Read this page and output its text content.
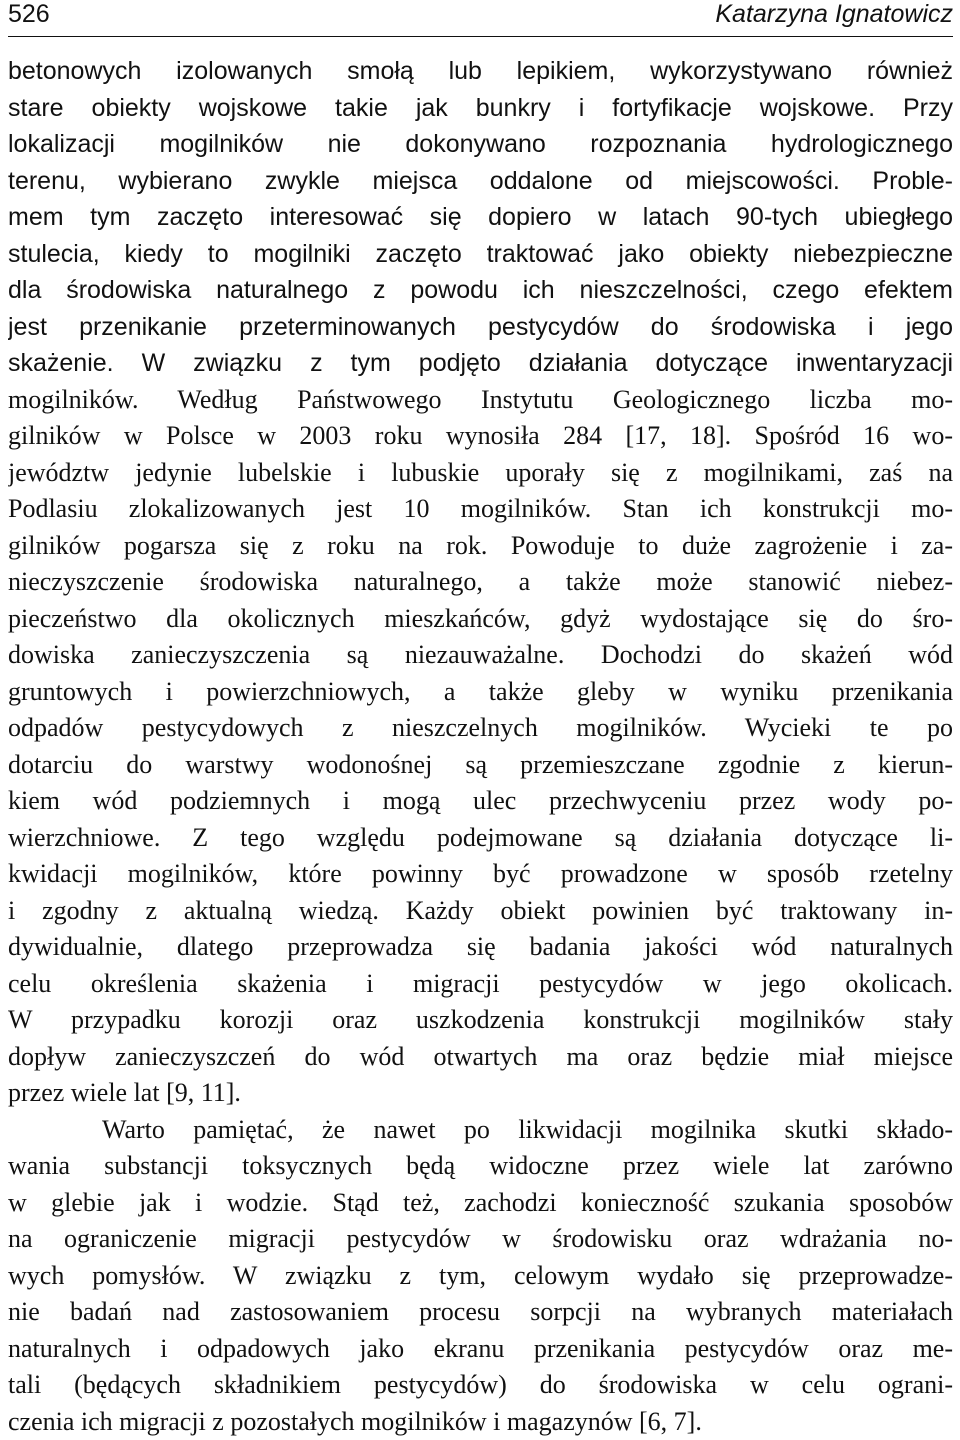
526	Katarzyna Ignatowicz
betonowych izolowanych smołą lub lepikiem, wykorzystywano również
stare obiekty wojskowe takie jak bunkry i fortyfikacje wojskowe. Przy
lokalizacji mogilników nie dokonywano rozpoznania hydrologicznego
terenu, wybierano zwykle miejsca oddalone od miejscowości. Proble-
mem tym zaczęto interesować się dopiero w latach 90-tych ubiegłego
stulecia, kiedy to mogilniki zaczęto traktować jako obiekty niebezpieczne
dla środowiska naturalnego z powodu ich nieszczelności, czego efektem
jest przenikanie przeterminowanych pestycydów do środowiska i jego
skażenie. W związku z tym podjęto działania dotyczące inwentaryzacji
mogilników. Według Państwowego Instytutu Geologicznego liczba mo-
gilników w Polsce w 2003 roku wynosiła 284 [17, 18]. Spośród 16 wo-
jewództw jedynie lubelskie i lubuskie uporały się z mogilnikami, zaś na
Podlasiu zlokalizowanych jest 10 mogilników. Stan ich konstrukcji mo-
gilników pogarsza się z roku na rok. Powoduje to duże zagrożenie i za-
nieczyszczenie środowiska naturalnego, a także może stanowić niebez-
pieczeństwo dla okolicznych mieszkańców, gdyż wydostające się do śro-
dowiska zanieczyszczenia są niezauważalne. Dochodzi do skażeń wód
gruntowych i powierzchniowych, a także gleby w wyniku przenikania
odpadów pestycydowych z nieszczelnych mogilników. Wycieki te po
dotarciu do warstwy wodonośnej są przemieszczane zgodnie z kierun-
kiem wód podziemnych i mogą ulec przechwyceniu przez wody po-
wierzchniowe. Z tego względu podejmowane są działania dotyczące li-
kwidacji mogilników, które powinny być prowadzone w sposób rzetelny
i zgodny z aktualną wiedzą. Każdy obiekt powinien być traktowany in-
dywidualnie, dlatego przeprowadza się badania jakości wód naturalnych
celu określenia skażenia i migracji pestycydów w jego okolicach.
W przypadku korozji oraz uszkodzenia konstrukcji mogilników stały
dopływ zanieczyszczeń do wód otwartych ma oraz będzie miał miejsce
przez wiele lat [9, 11].
Warto pamiętać, że nawet po likwidacji mogilnika skutki składo-
wania substancji toksycznych będą widoczne przez wiele lat zarówno
w glebie jak i wodzie. Stąd też, zachodzi konieczność szukania sposobów
na ograniczenie migracji pestycydów w środowisku oraz wdrażania no-
wych pomysłów. W związku z tym, celowym wydało się przeprowadze-
nie badań nad zastosowaniem procesu sorpcji na wybranych materiałach
naturalnych i odpadowych jako ekranu przenikania pestycydów oraz me-
tali (będących składnikiem pestycydów) do środowiska w celu ograni-
czenia ich migracji z pozostałych mogilników i magazynów [6, 7].
